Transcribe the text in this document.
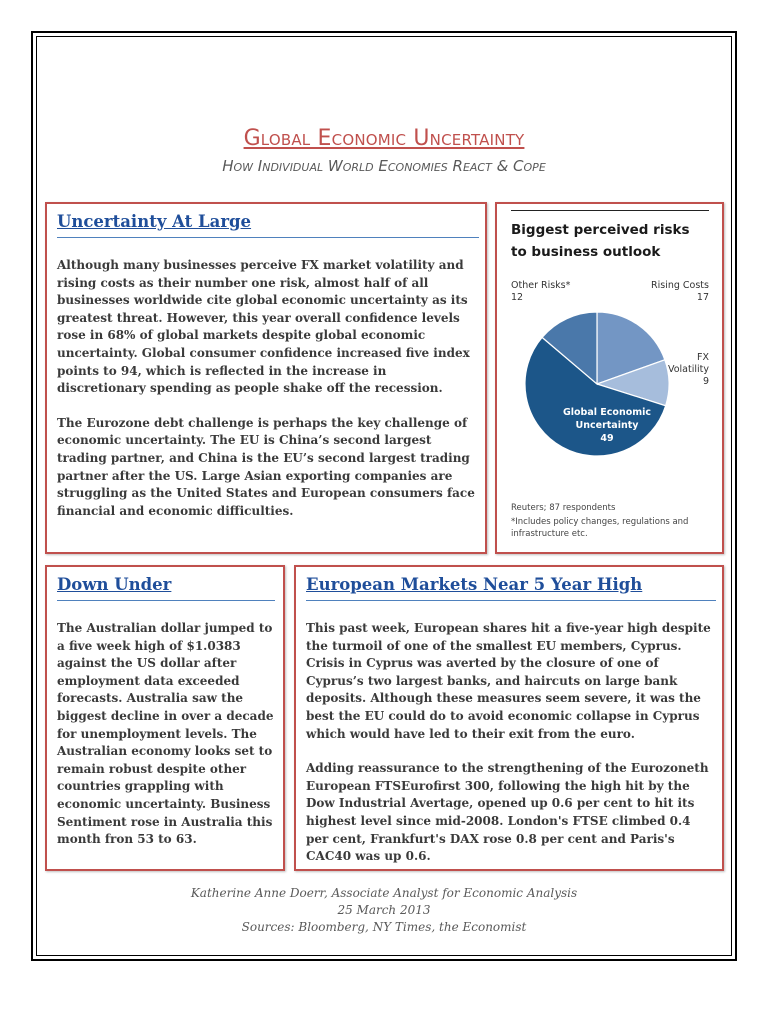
Global Economic Uncertainty
How Individual World Economies React & Cope
Uncertainty At Large

Although many businesses perceive FX market volatility and rising costs as their number one risk, almost half of all businesses worldwide cite global economic uncertainty as its greatest threat. However, this year overall confidence levels rose in 68% of global markets despite global economic uncertainty. Global consumer confidence increased five index points to 94, which is reflected in the increase in discretionary spending as people shake off the recession.

The Eurozone debt challenge is perhaps the key challenge of economic uncertainty. The EU is China’s second largest trading partner, and China is the EU’s second largest trading partner after the US. Large Asian exporting companies are struggling as the United States and European consumers face financial and economic difficulties.

Biggest perceived risks
to business outlook
Other Risks*
12
Rising Costs
17
FX
Volatility
9
Global Economic
Uncertainty
49
Reuters; 87 respondents
*Includes policy changes, regulations and infrastructure etc.
Down Under

The Australian dollar jumped to a five week high of $1.0383 against the US dollar after employment data exceeded forecasts. Australia saw the biggest decline in over a decade for unemployment levels. The Australian economy looks set to remain robust despite other countries grappling with economic uncertainty. Business Sentiment rose in Australia this month fron 53 to 63.

European Markets Near 5 Year High

This past week, European shares hit a five-year high despite the turmoil of one of the smallest EU members, Cyprus. Crisis in Cyprus was averted by the closure of one of Cyprus’s two largest banks, and haircuts on large bank deposits. Although these measures seem severe, it was the best the EU could do to avoid economic collapse in Cyprus which would have led to their exit from the euro.

Adding reassurance to the strengthening of the Eurozoneth European FTSEurofirst 300, following the high hit by the Dow Industrial Avertage, opened up 0.6 per cent to hit its highest level since mid-2008. London's FTSE climbed 0.4 per cent, Frankfurt's DAX rose 0.8 per cent and Paris's CAC40 was up 0.6.

Katherine Anne Doerr, Associate Analyst for Economic Analysis
25 March 2013
Sources: Bloomberg, NY Times, the Economist
